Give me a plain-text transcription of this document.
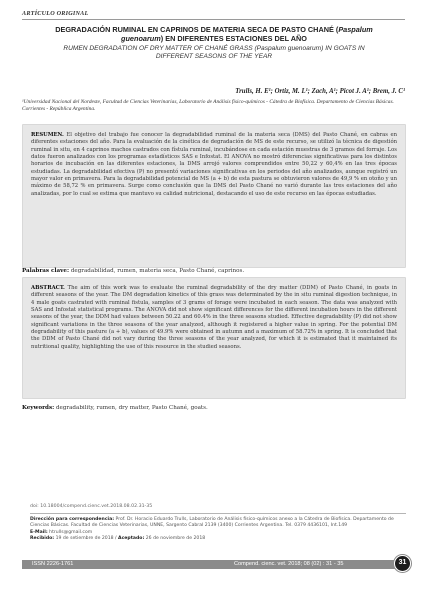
ARTÍCULO ORIGINAL
DEGRADACIÓN RUMINAL EN CAPRINOS DE MATERIA SECA DE PASTO CHANÉ (Paspalum guenoarum) EN DIFERENTES ESTACIONES DEL AÑO
RUMEN DEGRADATION OF DRY MATTER OF CHANÉ GRASS (Paspalum guenoarum) IN GOATS IN DIFFERENT SEASONS OF THE YEAR
Trulls, H. E¹; Ortiz, M. L¹; Zach, A¹; Picot J. A¹; Brem, J. C¹
¹Universidad Nacional del Nordeste, Facultad de Ciencias Veterinarias, Laboratorio de Análisis físico-químicos - Cátedra de Biofísica. Departamento de Ciencias Básicas. Corrientes - República Argentina.
RESUMEN. El objetivo del trabajo fue conocer la degradabilidad ruminal de la materia seca (DMS) del Pasto Chané, en cabras en diferentes estaciones del año. Para la evaluación de la cinética de degradación de MS de este recurso, se utilizó la técnica de digestión ruminal in situ, en 4 caprinos machos castrados con fístula ruminal, incubándose en cada estación muestras de 3 gramos del forraje. Los datos fueron analizados con los programas estadísticos SAS e Infostat. El ANOVA no mostró diferencias significativas para los distintos horarios de incubación en las diferentes estaciones, la DMS arrojó valores comprendidos entre 50,22 y 60,4% en las tres épocas estudiadas. La degradabilidad efectiva (P) no presentó variaciones significativas en los periodos del año analizados, aunque registró un mayor valor en primavera. Para la degradabilidad potencial de MS (a + b) de esta pastura se obtuvieron valores de 49,9 % en otoño y un máximo de 58,72 % en primavera. Surge como conclusión que la DMS del Pasto Chané no varió durante las tres estaciones del año analizadas, por lo cual se estima que mantuvo su calidad nutricional, destacando el uso de este recurso en las épocas estudiadas.
Palabras clave: degradabilidad, rumen, materia seca, Pasto Chané, caprinos.
ABSTRACT. The aim of this work was to evaluate the ruminal degradability of the dry matter (DDM) of Pasto Chané, in goats in different seasons of the year. The DM degradation kinetics of this grass was determinated by the in situ ruminal digestion technique, in 4 male goats castrated with ruminal fistula, samples of 3 grams of forage were incubated in each season. The data was analyzed with SAS and Infostat statistical programs. The ANOVA did not show significant differences for the different incubation hours in the different seasons of the year, the DDM had values between 50.22 and 60.4% in the three seasons studied. Effective degradability (P) did not show significant variations in the three seasons of the year analyzed, although it registered a higher value in spring. For the potential DM degradability of this pasture (a + b), values of 49.9% were obtained in autumn and a maximum of 58.72% in spring. It is concluded that the DDM of Pasto Chané did not vary during the three seasons of the year analyzed, for which it is estimated that it maintained its nutritional quality, highlighting the use of this resource in the studied seasons.
Keywords: degradability, rumen, dry matter, Pasto Chané, goats.
doi: 10.18004/compend.cienc.vet.2018.08.02.31-35
Dirección para correspondencia: Prof. Dr. Horacio Eduardo Trulls, Laboratorio de Análisis físico-químicos anexo a la Cátedra de Biofísica. Departamento de Ciencias Básicas. Facultad de Ciencias Veterinarias, UNNE, Sargento Cabral 2139 (3400) Corrientes Argentina. Tel. 0379 4436101, Int.149
E-Mail: htrulls@gmail.com
Recibido: 19 de setiembre de 2018 / Aceptado: 26 de noviembre de 2018
ISSN 2226-1761	Compend. cienc. vet. 2018; 08 (02) : 31 - 35	31
